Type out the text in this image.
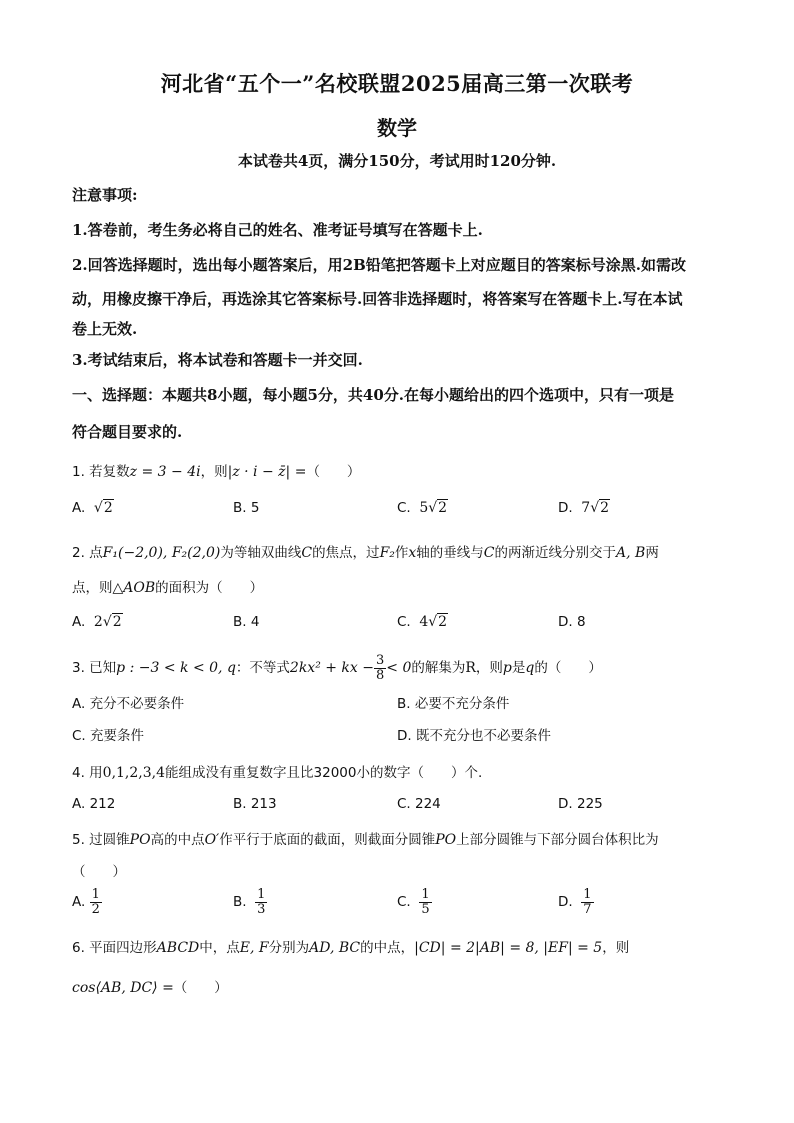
河北省“五个一”名校联盟2025届高三第一次联考
数学
本试卷共4页，满分150分，考试用时120分钟.
注意事项:
1.答卷前，考生务必将自己的姓名、准考证号填写在答题卡上.
2.回答选择题时，选出每小题答案后，用2B铅笔把答题卡上对应题目的答案标号涂黑.如需改
动，用橡皮擦干净后，再选涂其它答案标号.回答非选择题时，将答案写在答题卡上.写在本试
卷上无效.
3.考试结束后，将本试卷和答题卡一并交回.
一、选择题：本题共8小题，每小题5分，共40分.在每小题给出的四个选项中，只有一项是
符合题目要求的.
1. 若复数z = 3 − 4i，则|z · i − z̄| =（　　）
A. √2	B. 5	C. 5√2	D. 7√2
2. 点F₁(−2,0), F₂(2,0)为等轴双曲线C的焦点，过F₂作x轴的垂线与C的两渐近线分别交于A, B两
点，则△AOB的面积为（　　）
A. 2√2	B. 4	C. 4√2	D. 8
3. 已知p : −3 < k < 0, q：不等式2kx² + kx − $\frac{3}{8} < 0$的解集为R，则p是q的（　　）
A. 充分不必要条件	B. 必要不充分条件
C. 充要条件	D. 既不充分也不必要条件
4. 用0,1,2,3,4能组成没有重复数字且比32000小的数字（　　）个.
A. 212	B. 213	C. 224	D. 225
5. 过圆锥PO高的中点O′作平行于底面的截面，则截面分圆锥PO上部分圆锥与下部分圆台体积比为
（　　）
A. $\frac{1}{2}$	B. $\frac{1}{3}$	C. $\frac{1}{5}$	D. $\frac{1}{7}$
6. 平面四边形ABCD中，点E, F分别为AD, BC的中点，|CD| = 2|AB| = 8, |EF| = 5，则
cos⟨AB, DC⟩ =（　　）
